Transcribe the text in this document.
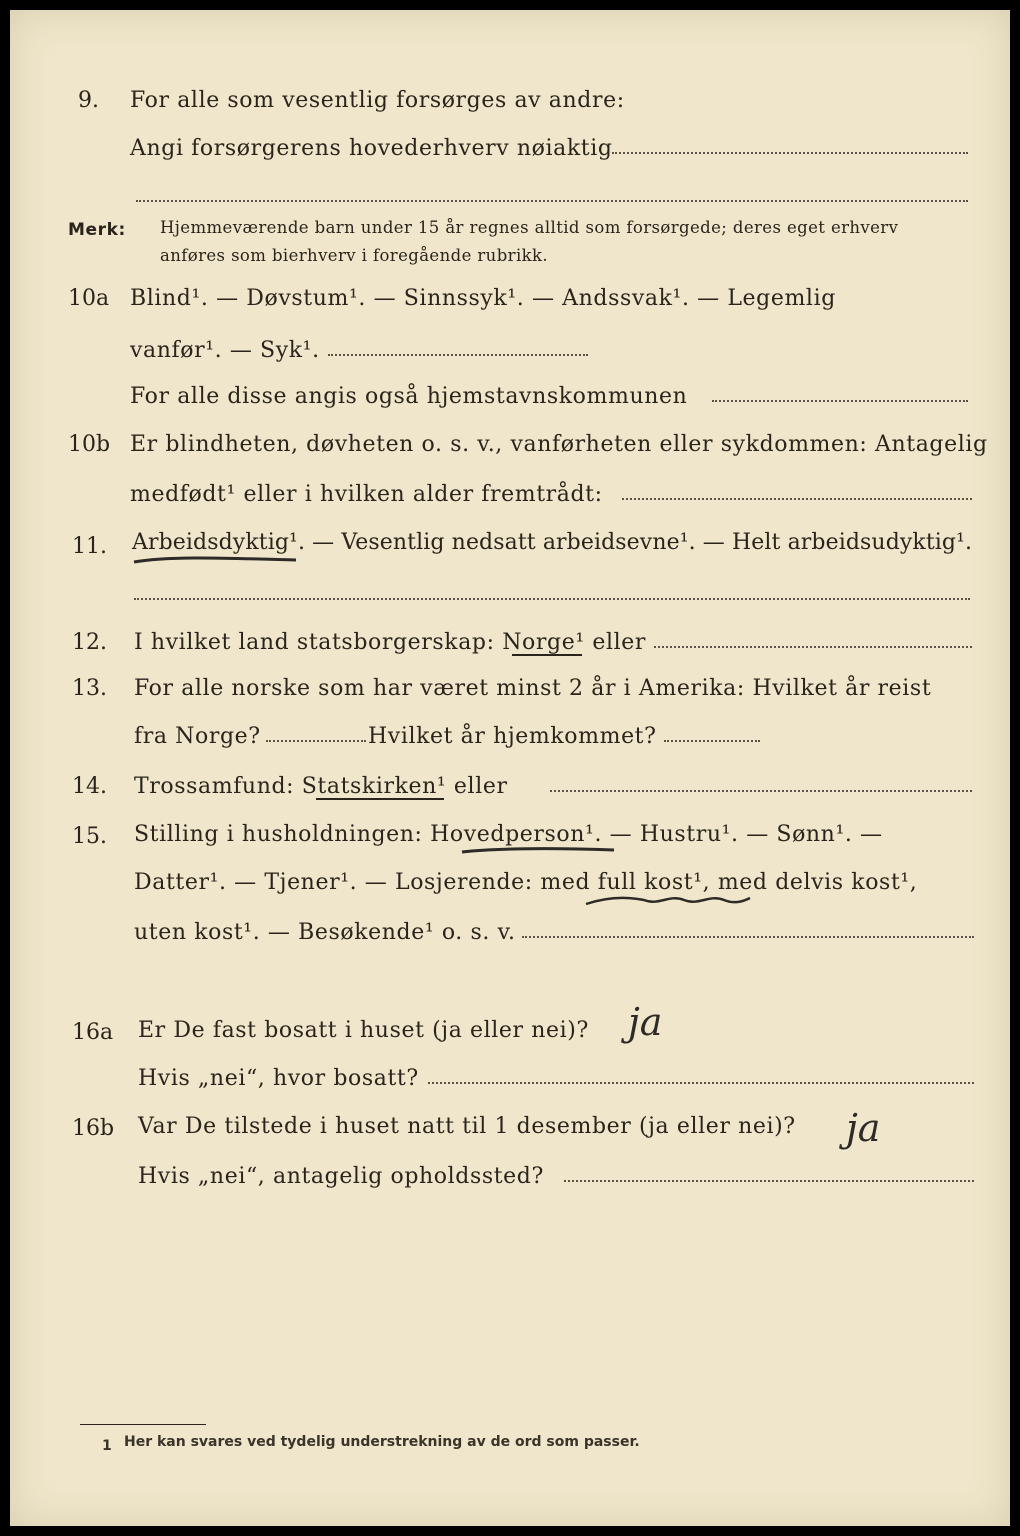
9. For alle som vesentlig forsørges av andre:
Angi forsørgerens hovederhverv nøiaktig
Merk: Hjemmeværende barn under 15 år regnes alltid som forsørgede; deres eget erhverv
anføres som bierhverv i foregående rubrikk.
10a Blind¹. — Døvstum¹. — Sinnssyk¹. — Andssvak¹. — Legemlig
vanfør¹. — Syk¹.
For alle disse angis også hjemstavnskommunen
10b Er blindheten, døvheten o. s. v., vanførheten eller sykdommen: Antagelig
medfødt¹ eller i hvilken alder fremtrådt:
11. Arbeidsdyktig¹. — Vesentlig nedsatt arbeidsevne¹. — Helt arbeidsudyktig¹.
12. I hvilket land statsborgerskap: Norge¹ eller
13. For alle norske som har været minst 2 år i Amerika: Hvilket år reist
fra Norge?	Hvilket år hjemkommet?
14. Trossamfund: Statskirken¹ eller
15. Stilling i husholdningen: Hovedperson¹. — Hustru¹. — Sønn¹. —
Datter¹. — Tjener¹. — Losjerende: med full kost¹, med delvis kost¹,
uten kost¹. — Besøkende¹ o. s. v.
16a Er De fast bosatt i huset (ja eller nei)? ja
Hvis „nei“, hvor bosatt?
16b Var De tilstede i huset natt til 1 desember (ja eller nei)? ja
Hvis „nei“, antagelig opholdssted?
1 Her kan svares ved tydelig understrekning av de ord som passer.
